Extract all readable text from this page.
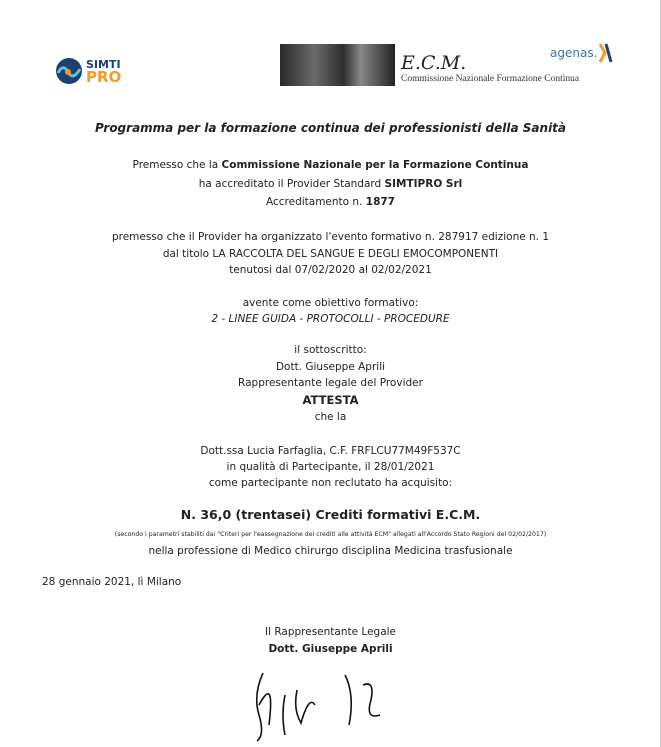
SIMTI
PRO
E.C.M.
Commissione Nazionale Formazione Continua
agenas.
Programma per la formazione continua dei professionisti della Sanità
Premesso che la Commissione Nazionale per la Formazione Continua
ha accreditato il Provider Standard SIMTIPRO Srl
Accreditamento n. 1877
premesso che il Provider ha organizzato l'evento formativo n. 287917 edizione n. 1
dal titolo LA RACCOLTA DEL SANGUE E DEGLI EMOCOMPONENTI
tenutosi dal 07/02/2020 al 02/02/2021
avente come obiettivo formativo:
2 - LINEE GUIDA - PROTOCOLLI - PROCEDURE
il sottoscritto:
Dott. Giuseppe Aprili
Rappresentante legale del Provider
ATTESTA
che la
Dott.ssa Lucia Farfaglia, C.F. FRFLCU77M49F537C
in qualità di Partecipante, il 28/01/2021
come partecipante non reclutato ha acquisito:
N. 36,0 (trentasei) Crediti formativi E.C.M.
(secondo i parametri stabiliti dai "Criteri per l'eassegnazione dei crediti alle attività ECM" allegati all'Accordo Stato Regioni del 02/02/2017)
nella professione di Medico chirurgo disciplina Medicina trasfusionale
28 gennaio 2021, lì Milano
Il Rappresentante Legale
Dott. Giuseppe Aprili
